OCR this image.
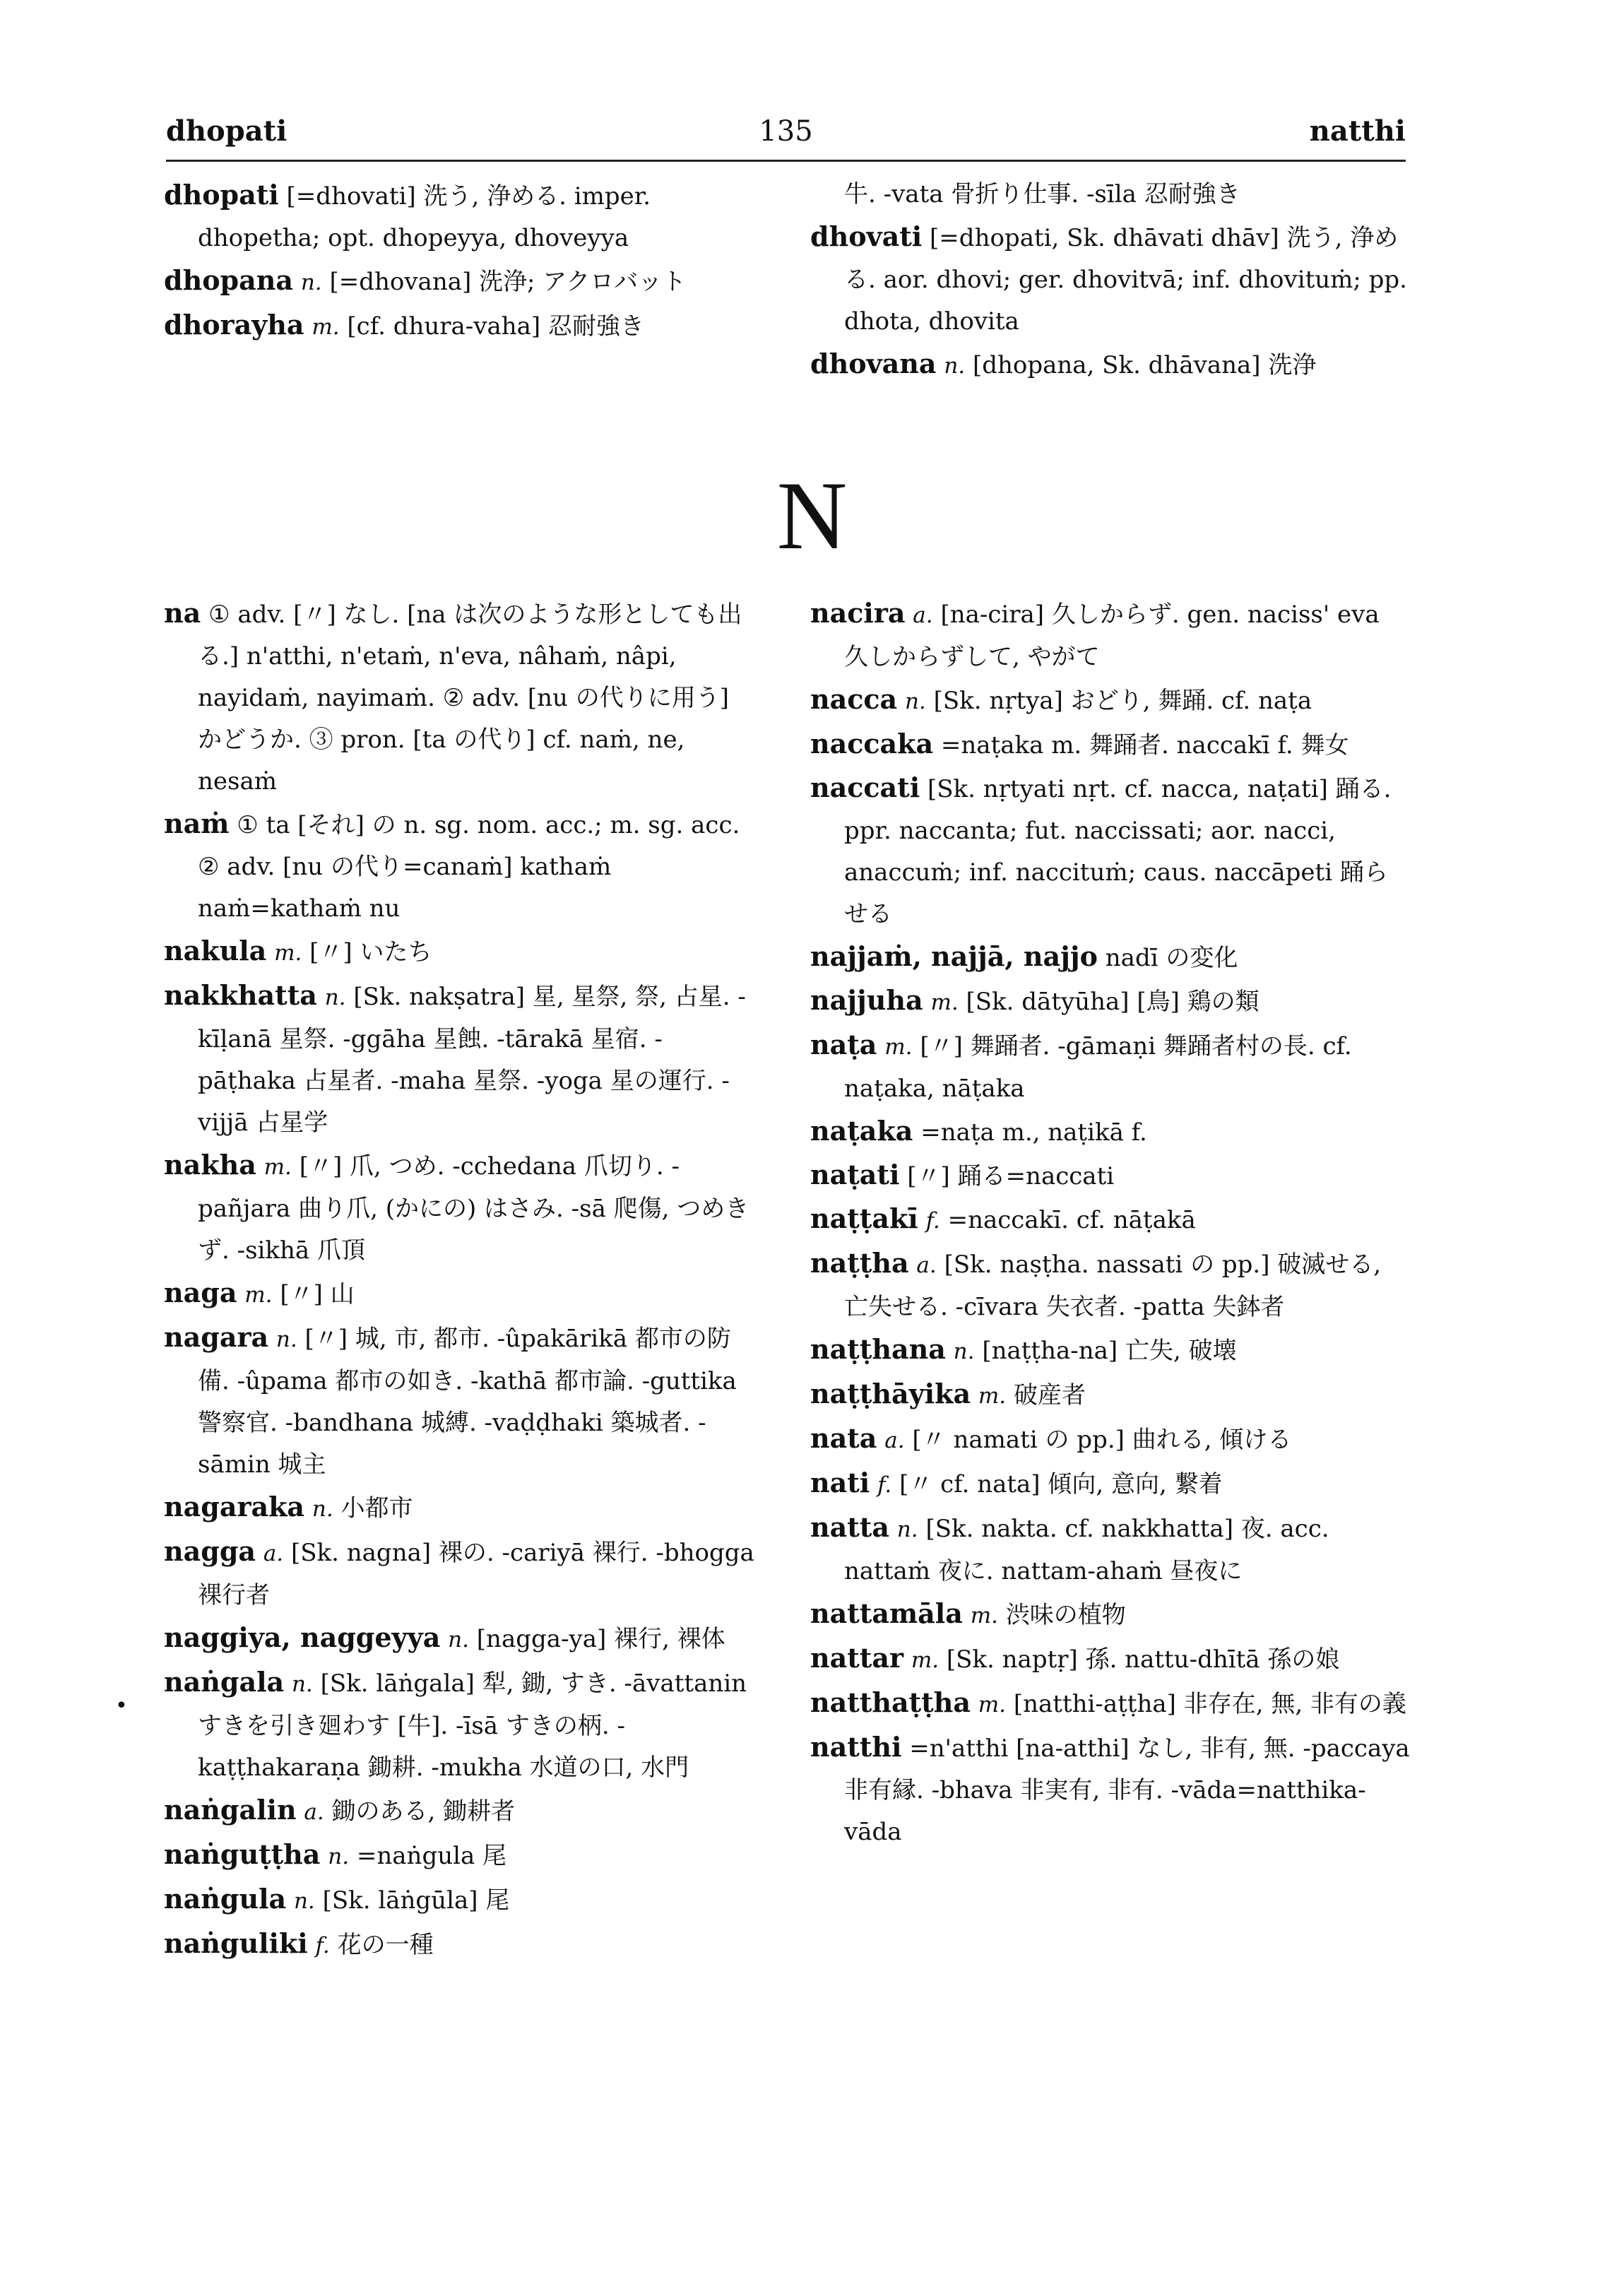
dhopati	135	natthi

dhopati [=dhovati] 洗う, 浄める. imper. dhopetha; opt. dhopeyya, dhoveyya

dhopana n. [=dhovana] 洗浄; アクロバット

dhorayha m. [cf. dhura-vaha] 忍耐強き

牛. -vata 骨折り仕事. -sīla 忍耐強き

dhovati [=dhopati, Sk. dhāvati dhāv] 洗う, 浄める. aor. dhovi; ger. dhovitvā; inf. dhovituṁ; pp. dhota, dhovita

dhovana n. [dhopana, Sk. dhāvana] 洗浄

N

na ① adv. [〃] なし. [na は次のような形としても出る.] n'atthi, n'etaṁ, n'eva, nâhaṁ, nâpi, nayidaṁ, nayimaṁ. ② adv. [nu の代りに用う] かどうか. ③ pron. [ta の代り] cf. naṁ, ne, nesaṁ

naṁ ① ta [それ] の n. sg. nom. acc.; m. sg. acc. ② adv. [nu の代り=canaṁ] kathaṁ naṁ=kathaṁ nu

nakula m. [〃] いたち

nakkhatta n. [Sk. nakṣatra] 星, 星祭, 祭, 占星. -kīḷanā 星祭. -ggāha 星蝕. -tārakā 星宿. -pāṭhaka 占星者. -maha 星祭. -yoga 星の運行. -vijjā 占星学

nakha m. [〃] 爪, つめ. -cchedana 爪切り. -pañjara 曲り爪, (かにの) はさみ. -sā 爬傷, つめきず. -sikhā 爪頂

naga m. [〃] 山

nagara n. [〃] 城, 市, 都市. -ûpakārikā 都市の防備. -ûpama 都市の如き. -kathā 都市論. -guttika 警察官. -bandhana 城縛. -vaḍḍhaki 築城者. -sāmin 城主

nagaraka n. 小都市

nagga a. [Sk. nagna] 裸の. -cariyā 裸行. -bhogga 裸行者

naggiya, naggeyya n. [nagga-ya] 裸行, 裸体

naṅgala n. [Sk. lāṅgala] 犁, 鋤, すき. -āvattanin すきを引き廻わす [牛]. -īsā すきの柄. -kaṭṭhakaraṇa 鋤耕. -mukha 水道の口, 水門

naṅgalin a. 鋤のある, 鋤耕者

naṅguṭṭha n. =naṅgula 尾

naṅgula n. [Sk. lāṅgūla] 尾

naṅguliki f. 花の一種

nacira a. [na-cira] 久しからず. gen. naciss' eva 久しからずして, やがて

nacca n. [Sk. nṛtya] おどり, 舞踊. cf. naṭa

naccaka =naṭaka m. 舞踊者. naccakī f. 舞女

naccati [Sk. nṛtyati nṛt. cf. nacca, naṭati] 踊る. ppr. naccanta; fut. naccissati; aor. nacci, anaccuṁ; inf. naccituṁ; caus. naccāpeti 踊らせる

najjaṁ, najjā, najjo nadī の変化

najjuha m. [Sk. dātyūha] [鳥] 鶏の類

naṭa m. [〃] 舞踊者. -gāmaṇi 舞踊者村の長. cf. naṭaka, nāṭaka

naṭaka =naṭa m., naṭikā f.

naṭati [〃] 踊る=naccati

naṭṭakī f. =naccakī. cf. nāṭakā

naṭṭha a. [Sk. naṣṭha. nassati の pp.] 破滅せる, 亡失せる. -cīvara 失衣者. -patta 失鉢者

naṭṭhana n. [naṭṭha-na] 亡失, 破壊

naṭṭhāyika m. 破産者

nata a. [〃 namati の pp.] 曲れる, 傾ける

nati f. [〃 cf. nata] 傾向, 意向, 繋着

natta n. [Sk. nakta. cf. nakkhatta] 夜. acc. nattaṁ 夜に. nattam-ahaṁ 昼夜に

nattamāla m. 渋味の植物

nattar m. [Sk. naptṛ] 孫. nattu-dhītā 孫の娘

natthaṭṭha m. [natthi-aṭṭha] 非存在, 無, 非有の義

natthi =n'atthi [na-atthi] なし, 非有, 無. -paccaya 非有縁. -bhava 非実有, 非有. -vāda=natthika-vāda

•
